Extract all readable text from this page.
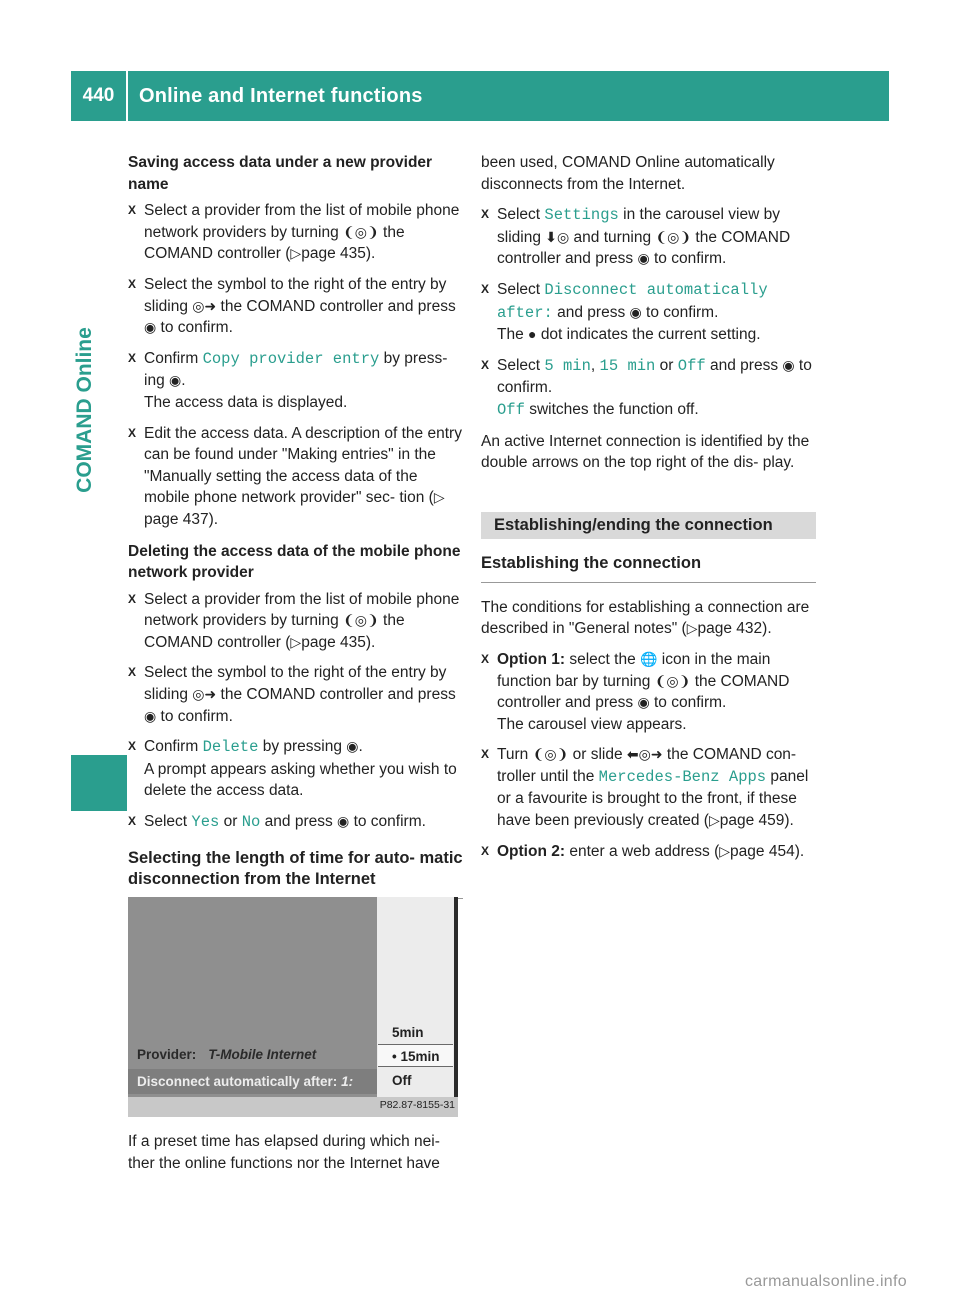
440	Online and Internet functions
COMAND Online
Saving access data under a new provider name
X Select a provider from the list of mobile phone network providers by turning ❨◎❩ the COMAND controller (▷page 435).
X Select the symbol to the right of the entry by sliding ◎➜ the COMAND controller and press ◉ to confirm.
X Confirm Copy provider entry by press- ing ◉.
The access data is displayed.
X Edit the access data. A description of the entry can be found under "Making entries" in the "Manually setting the access data of the mobile phone network provider" sec- tion (▷page 437).
Deleting the access data of the mobile phone network provider
X Select a provider from the list of mobile phone network providers by turning ❨◎❩ the COMAND controller (▷page 435).
X Select the symbol to the right of the entry by sliding ◎➜ the COMAND controller and press ◉ to confirm.
X Confirm Delete by pressing ◉.
A prompt appears asking whether you wish to delete the access data.
X Select Yes or No and press ◉ to confirm.
Selecting the length of time for auto- matic disconnection from the Internet
5min
• 15min
Off
Provider: T-Mobile Internet
Disconnect automatically after: 1:
P82.87-8155-31
If a preset time has elapsed during which nei- ther the online functions nor the Internet have
been used, COMAND Online automatically disconnects from the Internet.
X Select Settings in the carousel view by sliding ⬇◎ and turning ❨◎❩ the COMAND controller and press ◉ to confirm.
X Select Disconnect automatically after: and press ◉ to confirm.
The ● dot indicates the current setting.
X Select 5 min, 15 min or Off and press ◉ to confirm.
Off switches the function off.
An active Internet connection is identified by the double arrows on the top right of the dis- play.
Establishing/ending the connection
Establishing the connection
The conditions for establishing a connection are described in "General notes" (▷page 432).
X Option 1: select the 🌐 icon in the main function bar by turning ❨◎❩ the COMAND controller and press ◉ to confirm.
The carousel view appears.
X Turn ❨◎❩ or slide ⬅◎➜ the COMAND con- troller until the Mercedes-Benz Apps panel or a favourite is brought to the front, if these have been previously created (▷page 459).
X Option 2: enter a web address (▷page 454).
carmanualsonline.info
